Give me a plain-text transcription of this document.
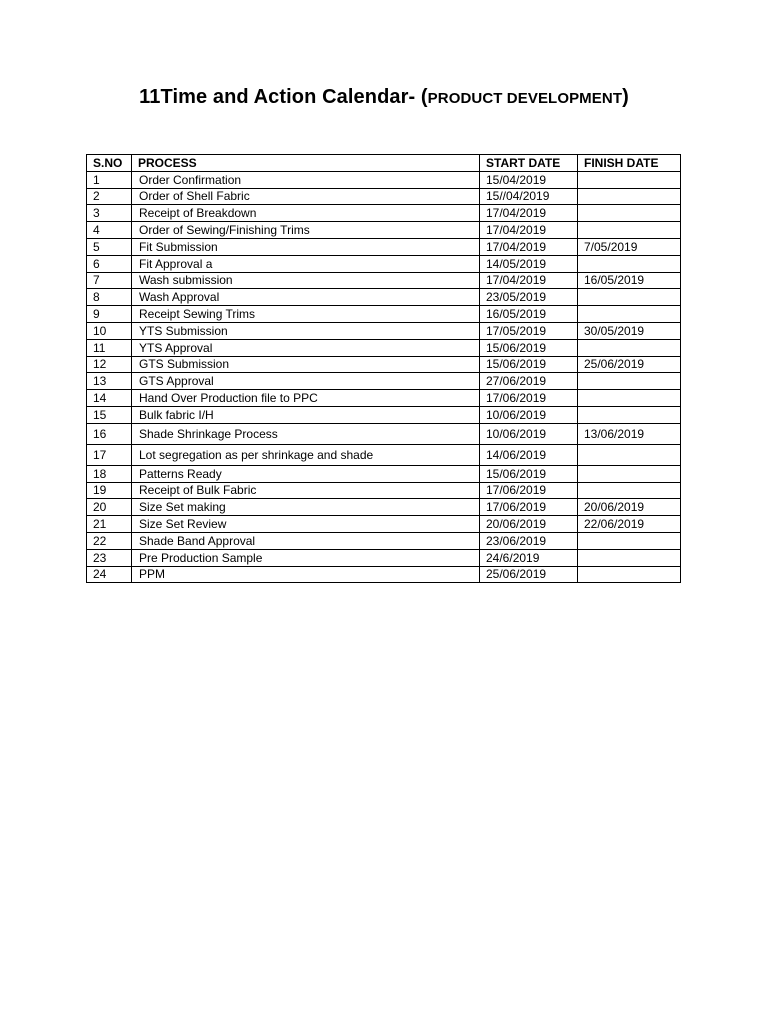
11Time and Action Calendar- (PRODUCT DEVELOPMENT)
S.NO	PROCESS	START DATE	FINISH DATE
1	Order Confirmation	15/04/2019	
2	Order of Shell Fabric	15//04/2019	
3	Receipt of Breakdown	17/04/2019	
4	Order of Sewing/Finishing Trims	17/04/2019	
5	Fit Submission	17/04/2019	7/05/2019
6	Fit Approval a	14/05/2019	
7	Wash submission	17/04/2019	16/05/2019
8	Wash Approval	23/05/2019	
9	Receipt Sewing Trims	16/05/2019	
10	YTS Submission	17/05/2019	30/05/2019
11	YTS Approval	15/06/2019	
12	GTS Submission	15/06/2019	25/06/2019
13	GTS Approval	27/06/2019	
14	Hand Over Production file to PPC	17/06/2019	
15	Bulk fabric I/H	10/06/2019	
16	Shade Shrinkage Process	10/06/2019	13/06/2019
17	Lot segregation as per shrinkage and shade	14/06/2019	
18	Patterns Ready	15/06/2019	
19	Receipt of Bulk Fabric	17/06/2019	
20	Size Set making	17/06/2019	20/06/2019
21	Size Set Review	20/06/2019	22/06/2019
22	Shade Band Approval	23/06/2019	
23	Pre Production Sample	24/6/2019	
24	PPM	25/06/2019	
